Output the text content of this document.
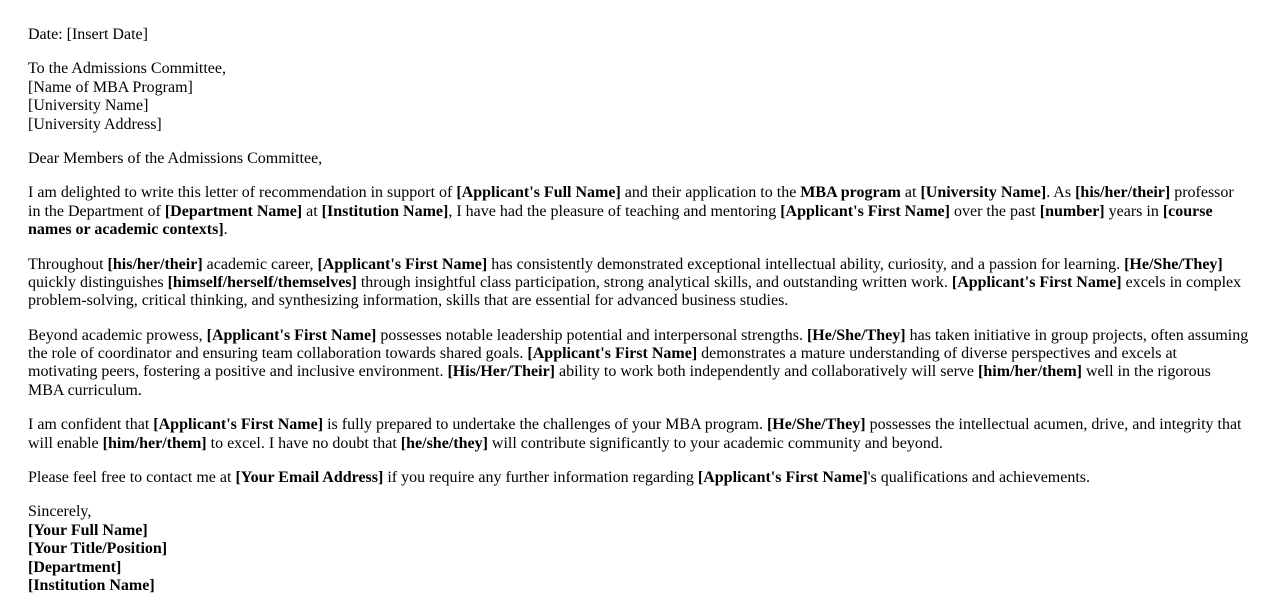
Date: [Insert Date]

To the Admissions Committee,
[Name of MBA Program]
[University Name]
[University Address]

Dear Members of the Admissions Committee,

I am delighted to write this letter of recommendation in support of [Applicant's Full Name] and their application to the MBA program at [University Name]. As [his/her/their] professor in the Department of [Department Name] at [Institution Name], I have had the pleasure of teaching and mentoring [Applicant's First Name] over the past [number] years in [course names or academic contexts].

Throughout [his/her/their] academic career, [Applicant's First Name] has consistently demonstrated exceptional intellectual ability, curiosity, and a passion for learning. [He/She/They] quickly distinguishes [himself/herself/themselves] through insightful class participation, strong analytical skills, and outstanding written work. [Applicant's First Name] excels in complex problem-solving, critical thinking, and synthesizing information, skills that are essential for advanced business studies.

Beyond academic prowess, [Applicant's First Name] possesses notable leadership potential and interpersonal strengths. [He/She/They] has taken initiative in group projects, often assuming the role of coordinator and ensuring team collaboration towards shared goals. [Applicant's First Name] demonstrates a mature understanding of diverse perspectives and excels at motivating peers, fostering a positive and inclusive environment. [His/Her/Their] ability to work both independently and collaboratively will serve [him/her/them] well in the rigorous MBA curriculum.

I am confident that [Applicant's First Name] is fully prepared to undertake the challenges of your MBA program. [He/She/They] possesses the intellectual acumen, drive, and integrity that will enable [him/her/them] to excel. I have no doubt that [he/she/they] will contribute significantly to your academic community and beyond.

Please feel free to contact me at [Your Email Address] if you require any further information regarding [Applicant's First Name]'s qualifications and achievements.

Sincerely,
[Your Full Name]
[Your Title/Position]
[Department]
[Institution Name]
